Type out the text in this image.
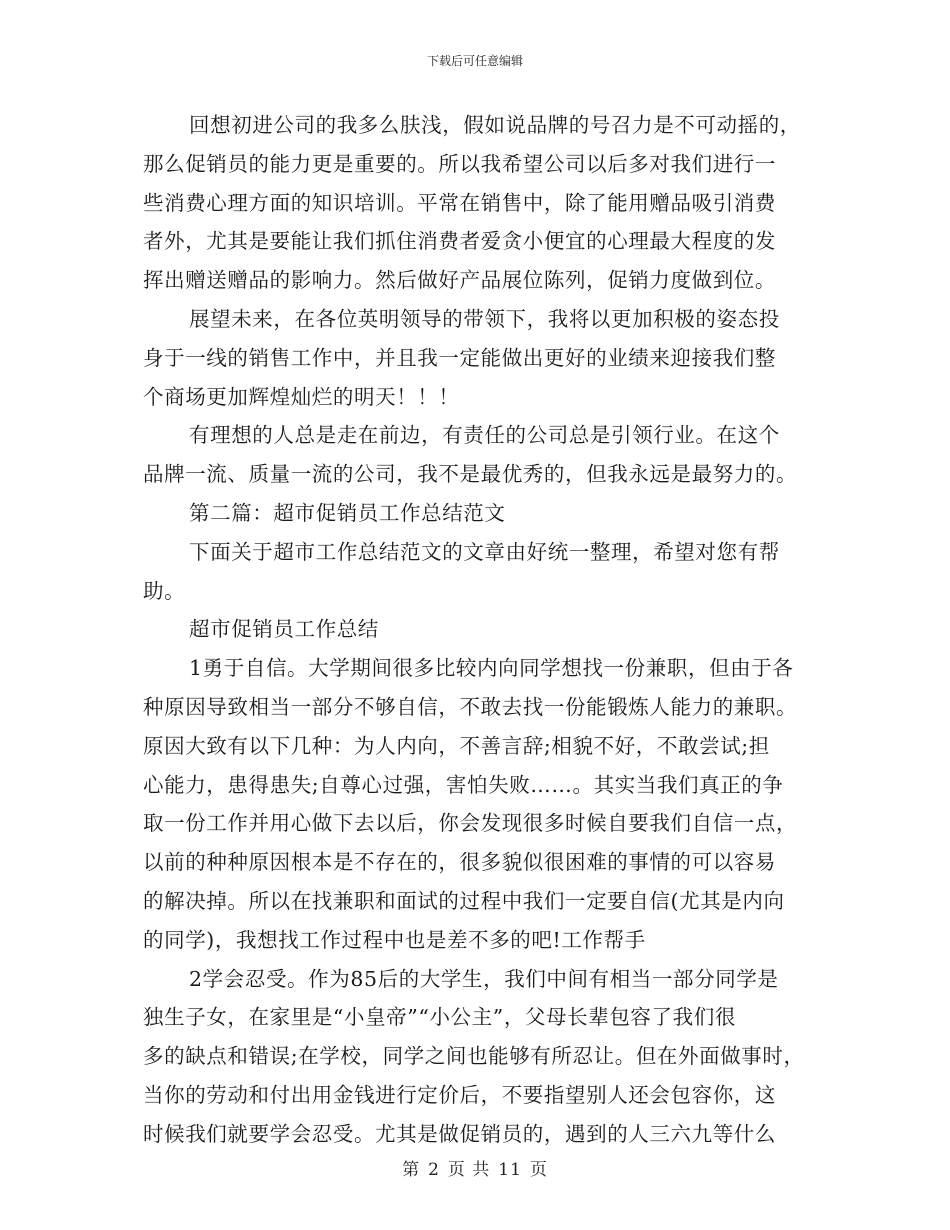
下载后可任意编辑
回想初进公司的我多么肤浅，假如说品牌的号召力是不可动摇的，
那么促销员的能力更是重要的。所以我希望公司以后多对我们进行一
些消费心理方面的知识培训。平常在销售中，除了能用赠品吸引消费
者外，尤其是要能让我们抓住消费者爱贪小便宜的心理最大程度的发
挥出赠送赠品的影响力。然后做好产品展位陈列，促销力度做到位。
展望未来，在各位英明领导的带领下，我将以更加积极的姿态投
身于一线的销售工作中，并且我一定能做出更好的业绩来迎接我们整
个商场更加辉煌灿烂的明天！！！
有理想的人总是走在前边，有责任的公司总是引领行业。在这个
品牌一流、质量一流的公司，我不是最优秀的，但我永远是最努力的。
第二篇：超市促销员工作总结范文
下面关于超市工作总结范文的文章由好统一整理，希望对您有帮
助。
超市促销员工作总结
1勇于自信。大学期间很多比较内向同学想找一份兼职，但由于各
种原因导致相当一部分不够自信，不敢去找一份能锻炼人能力的兼职。
原因大致有以下几种：为人内向，不善言辞;相貌不好，不敢尝试;担
心能力，患得患失;自尊心过强，害怕失败……。其实当我们真正的争
取一份工作并用心做下去以后，你会发现很多时候自要我们自信一点，
以前的种种原因根本是不存在的，很多貌似很困难的事情的可以容易
的解决掉。所以在找兼职和面试的过程中我们一定要自信(尤其是内向
的同学)，我想找工作过程中也是差不多的吧!工作帮手
2学会忍受。作为85后的大学生，我们中间有相当一部分同学是
独生子女，在家里是“小皇帝”“小公主”，父母长辈包容了我们很
多的缺点和错误;在学校，同学之间也能够有所忍让。但在外面做事时，
当你的劳动和付出用金钱进行定价后，不要指望别人还会包容你，这
时候我们就要学会忍受。尤其是做促销员的，遇到的人三六九等什么
第 2 页 共 11 页
